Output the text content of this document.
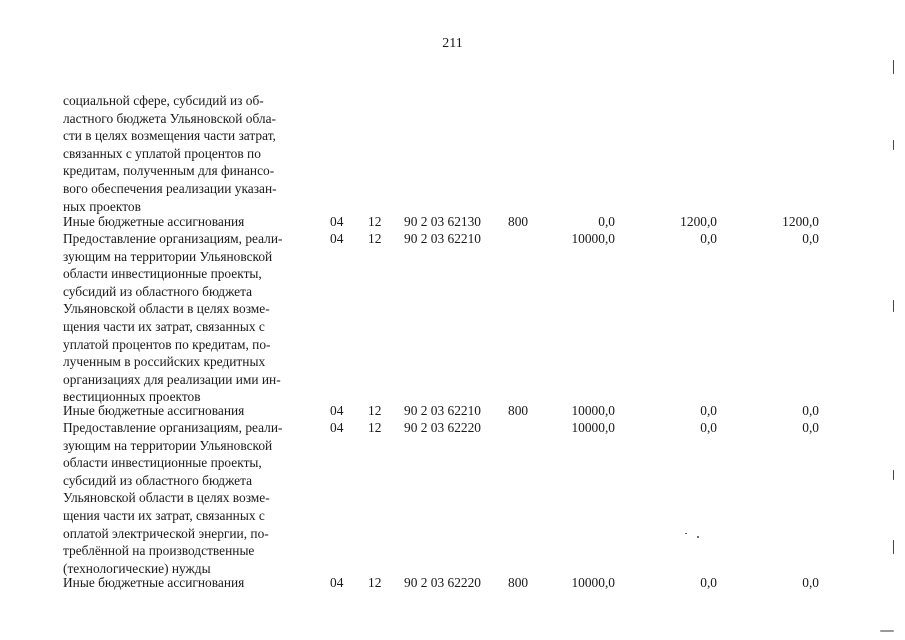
211
социальной сфере, субсидий из об-
ластного бюджета Ульяновской обла-
сти в целях возмещения части затрат,
связанных с уплатой процентов по
кредитам, полученным для финансо-
вого обеспечения реализации указан-
ных проектов
Иные бюджетные ассигнования	04 12 90 2 03 62130 800	0,0	1200,0	1200,0
Предоставление организациям, реали-
зующим на территории Ульяновской
области инвестиционные проекты,
субсидий из областного бюджета
Ульяновской области в целях возме-
щения части их затрат, связанных с
уплатой процентов по кредитам, по-
лученным в российских кредитных
организациях для реализации ими ин-
вестиционных проектов
04 12 90 2 03 62210	10000,0	0,0	0,0
Иные бюджетные ассигнования	04 12 90 2 03 62210 800	10000,0	0,0	0,0
Предоставление организациям, реали-
зующим на территории Ульяновской
области инвестиционные проекты,
субсидий из областного бюджета
Ульяновской области в целях возме-
щения части их затрат, связанных с
оплатой электрической энергии, по-
треблённой на производственные
(технологические) нужды
04 12 90 2 03 62220	10000,0	0,0	0,0
Иные бюджетные ассигнования	04 12 90 2 03 62220 800	10000,0	0,0	0,0
